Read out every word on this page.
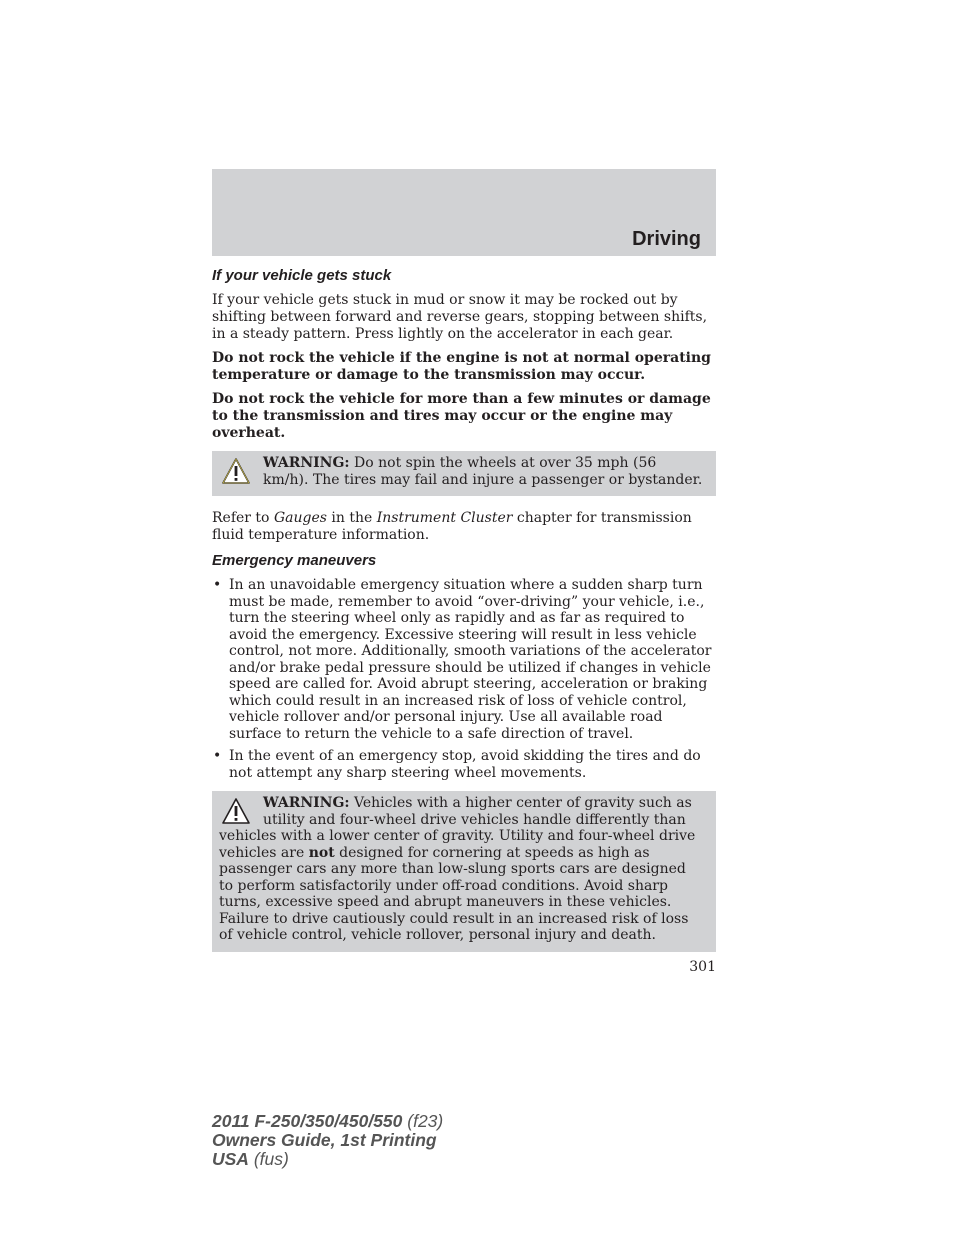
Driving
If your vehicle gets stuck

If your vehicle gets stuck in mud or snow it may be rocked out by shifting between forward and reverse gears, stopping between shifts, in a steady pattern. Press lightly on the accelerator in each gear.

Do not rock the vehicle if the engine is not at normal operating temperature or damage to the transmission may occur.

Do not rock the vehicle for more than a few minutes or damage to the transmission and tires may occur or the engine may overheat.

WARNING: Do not spin the wheels at over 35 mph (56 km/h). The tires may fail and injure a passenger or bystander.

Refer to Gauges in the Instrument Cluster chapter for transmission fluid temperature information.

Emergency maneuvers
• In an unavoidable emergency situation where a sudden sharp turn must be made, remember to avoid “over-driving” your vehicle, i.e., turn the steering wheel only as rapidly and as far as required to avoid the emergency. Excessive steering will result in less vehicle control, not more. Additionally, smooth variations of the accelerator and/or brake pedal pressure should be utilized if changes in vehicle speed are called for. Avoid abrupt steering, acceleration or braking which could result in an increased risk of loss of vehicle control, vehicle rollover and/or personal injury. Use all available road surface to return the vehicle to a safe direction of travel.
• In the event of an emergency stop, avoid skidding the tires and do not attempt any sharp steering wheel movements.
WARNING: Vehicles with a higher center of gravity such as utility and four-wheel drive vehicles handle differently than vehicles with a lower center of gravity. Utility and four-wheel drive vehicles are not designed for cornering at speeds as high as passenger cars any more than low-slung sports cars are designed to perform satisfactorily under off-road conditions. Avoid sharp turns, excessive speed and abrupt maneuvers in these vehicles. Failure to drive cautiously could result in an increased risk of loss of vehicle control, vehicle rollover, personal injury and death.
301
2011 F-250/350/450/550 (f23)
Owners Guide, 1st Printing
USA (fus)
